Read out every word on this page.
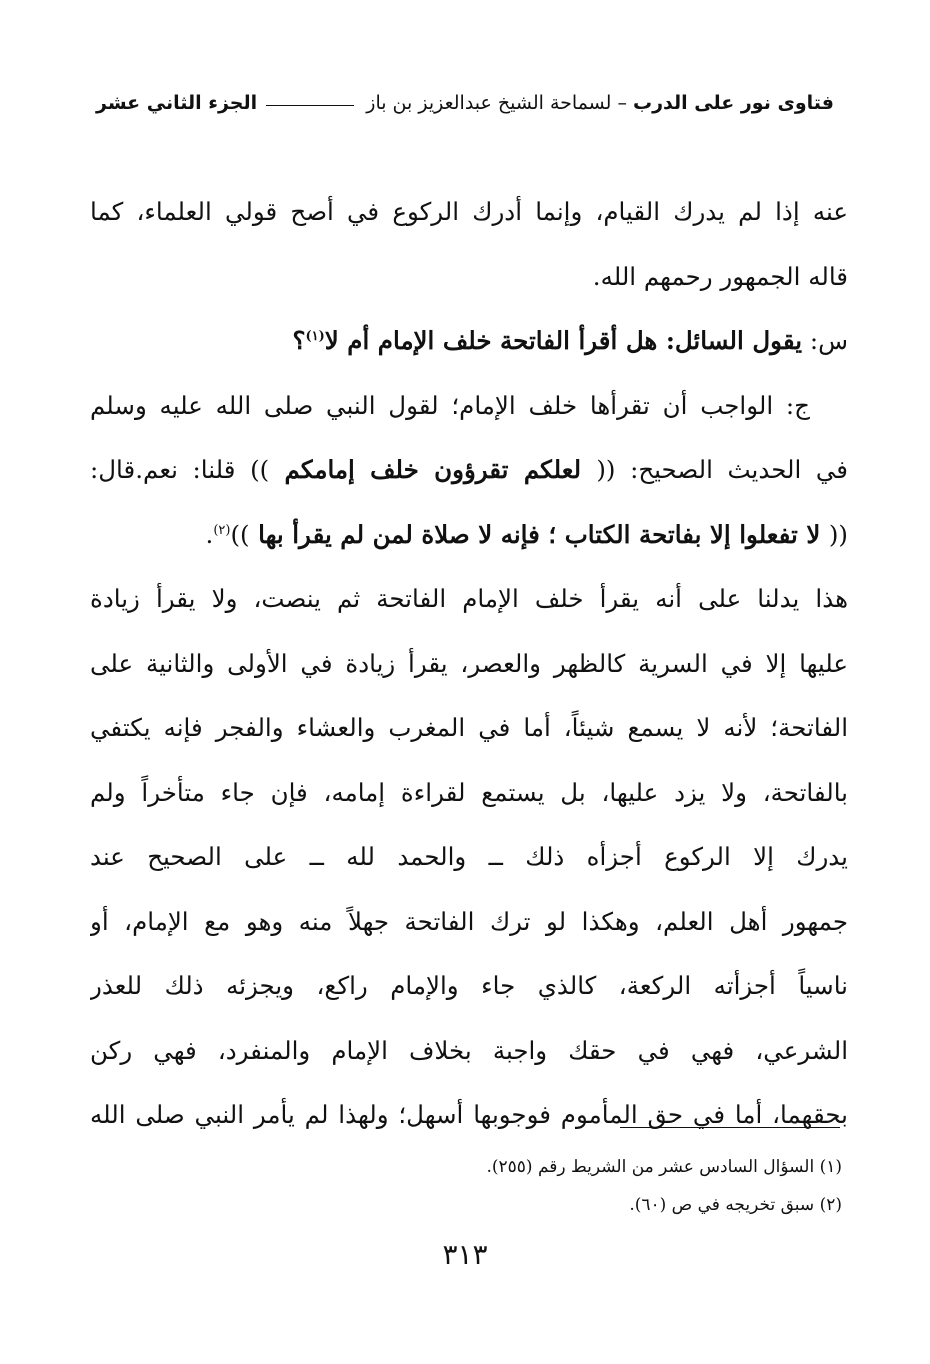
فتاوى نور على الدرب – لسماحة الشيخ عبدالعزيز بن باز
الجزء الثاني عشر
عنه إذا لم يدرك القيام، وإنما أدرك الركوع في أصح قولي العلماء، كما
قاله الجمهور رحمهم الله.
س: يقول السائل: هل أقرأ الفاتحة خلف الإمام أم لا$^{(١)}$؟
ج: الواجب أن تقرأها خلف الإمام؛ لقول النبي صلى الله عليه وسلم
في الحديث الصحيح: (( لعلكم تقرؤون خلف إمامكم )) قلنا: نعم.قال:
(( لا تفعلوا إلا بفاتحة الكتاب ؛ فإنه لا صلاة لمن لم يقرأ بها ))$^{(٢)}$.
هذا يدلنا على أنه يقرأ خلف الإمام الفاتحة ثم ينصت، ولا يقرأ زيادة
عليها إلا في السرية كالظهر والعصر، يقرأ زيادة في الأولى والثانية على
الفاتحة؛ لأنه لا يسمع شيئاً، أما في المغرب والعشاء والفجر فإنه يكتفي
بالفاتحة، ولا يزد عليها، بل يستمع لقراءة إمامه، فإن جاء متأخراً ولم
يدرك إلا الركوع أجزأه ذلك ــ والحمد لله ــ على الصحيح عند
جمهور أهل العلم، وهكذا لو ترك الفاتحة جهلاً منه وهو مع الإمام، أو
ناسياً أجزأته الركعة، كالذي جاء والإمام راكع، ويجزئه ذلك للعذر
الشرعي، فهي في حقك واجبة بخلاف الإمام والمنفرد، فهي ركن
بحقهما، أما في حق المأموم فوجوبها أسهل؛ ولهذا لم يأمر النبي صلى الله
(١) السؤال السادس عشر من الشريط رقم (٢٥٥).
(٢) سبق تخريجه في ص (٦٠).
٣١٣
